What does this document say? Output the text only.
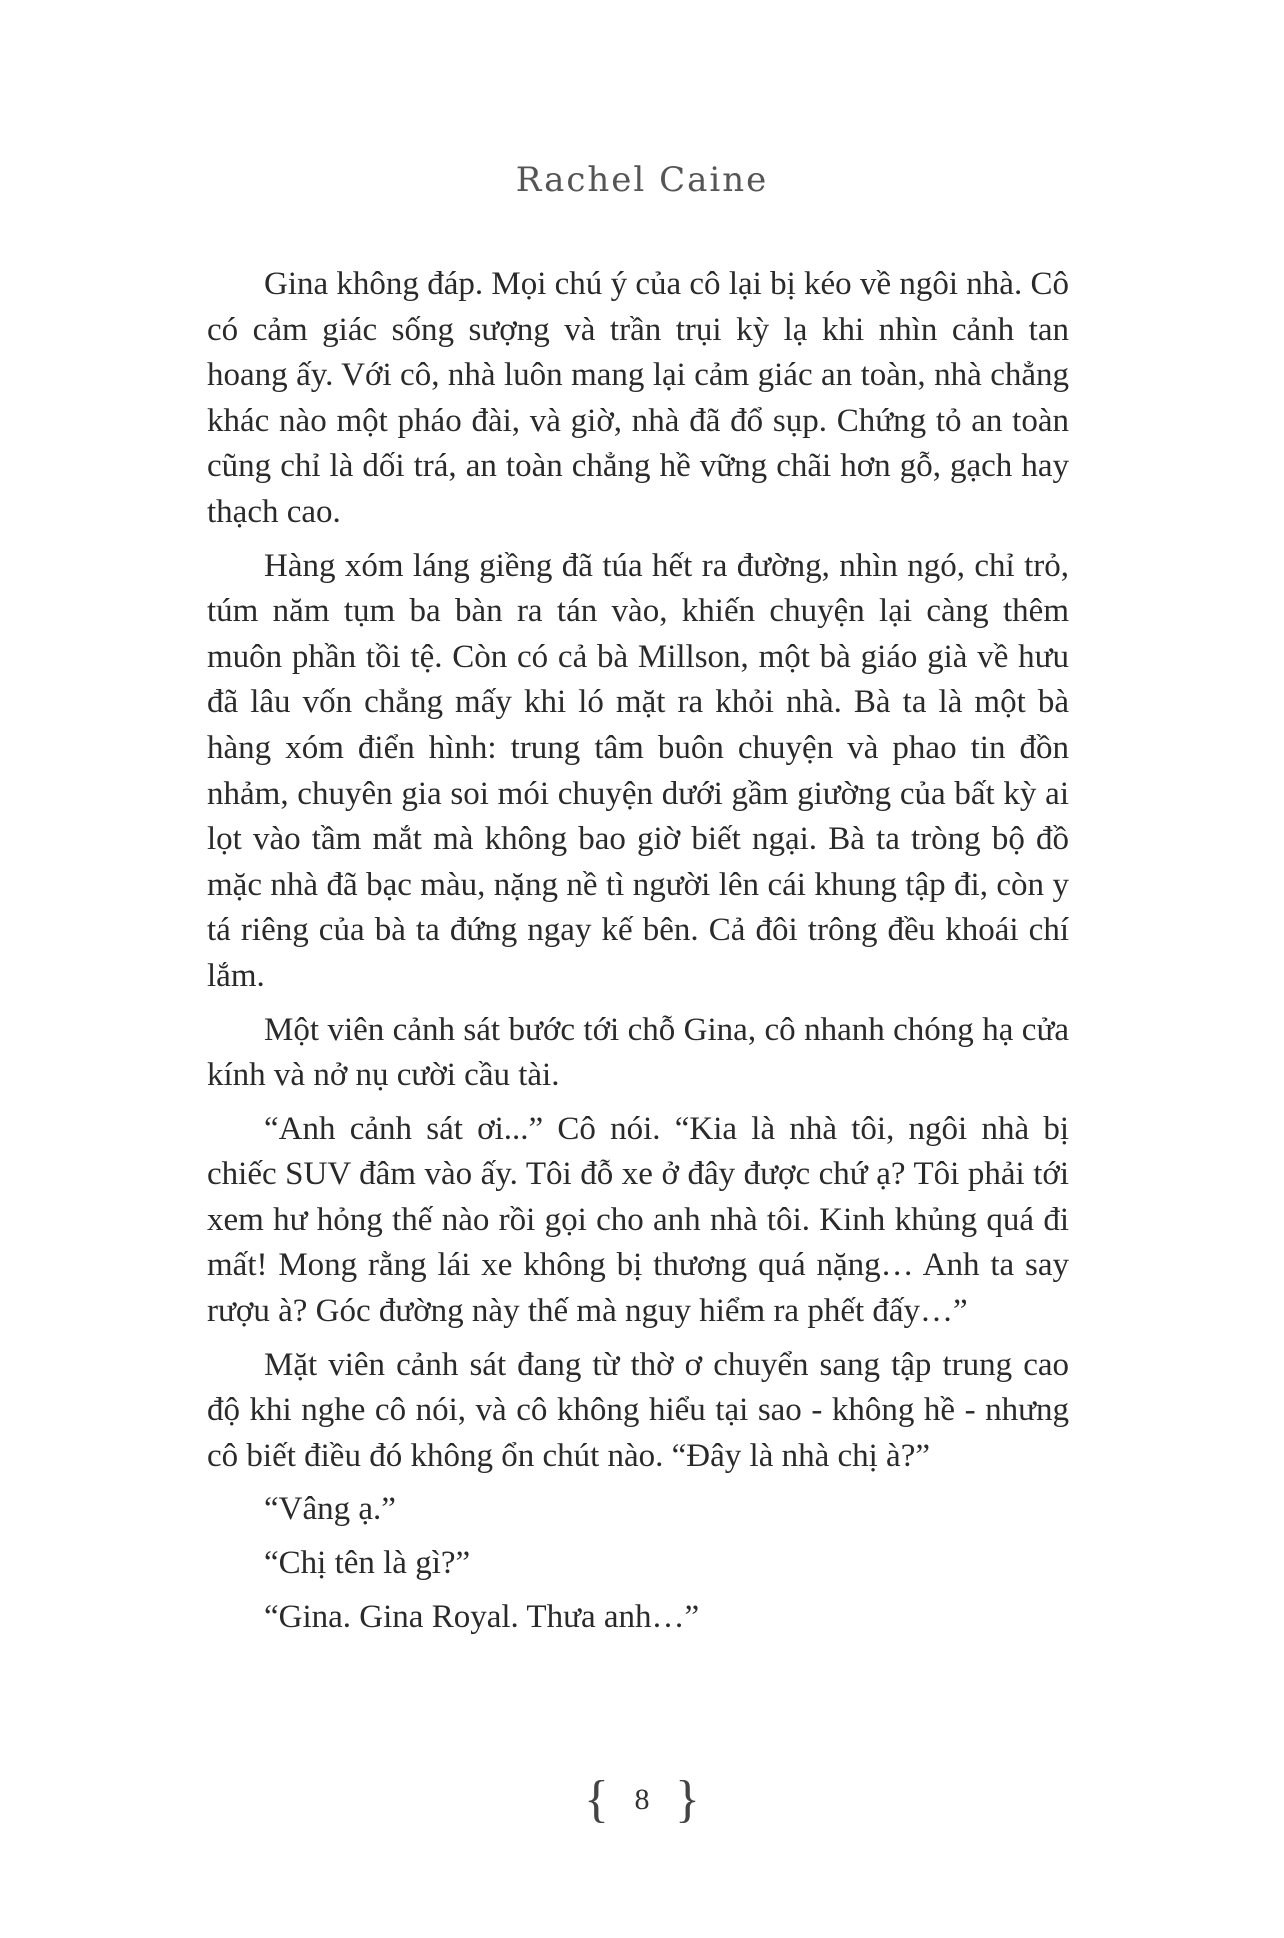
Rachel Caine

Gina không đáp. Mọi chú ý của cô lại bị kéo về ngôi nhà. Cô có cảm giác sống sượng và trần trụi kỳ lạ khi nhìn cảnh tan hoang ấy. Với cô, nhà luôn mang lại cảm giác an toàn, nhà chẳng khác nào một pháo đài, và giờ, nhà đã đổ sụp. Chứng tỏ an toàn cũng chỉ là dối trá, an toàn chẳng hề vững chãi hơn gỗ, gạch hay thạch cao.

Hàng xóm láng giềng đã túa hết ra đường, nhìn ngó, chỉ trỏ, túm năm tụm ba bàn ra tán vào, khiến chuyện lại càng thêm muôn phần tồi tệ. Còn có cả bà Millson, một bà giáo già về hưu đã lâu vốn chẳng mấy khi ló mặt ra khỏi nhà. Bà ta là một bà hàng xóm điển hình: trung tâm buôn chuyện và phao tin đồn nhảm, chuyên gia soi mói chuyện dưới gầm giường của bất kỳ ai lọt vào tầm mắt mà không bao giờ biết ngại. Bà ta tròng bộ đồ mặc nhà đã bạc màu, nặng nề tì người lên cái khung tập đi, còn y tá riêng của bà ta đứng ngay kế bên. Cả đôi trông đều khoái chí lắm.

Một viên cảnh sát bước tới chỗ Gina, cô nhanh chóng hạ cửa kính và nở nụ cười cầu tài.

“Anh cảnh sát ơi...” Cô nói. “Kia là nhà tôi, ngôi nhà bị chiếc SUV đâm vào ấy. Tôi đỗ xe ở đây được chứ ạ? Tôi phải tới xem hư hỏng thế nào rồi gọi cho anh nhà tôi. Kinh khủng quá đi mất! Mong rằng lái xe không bị thương quá nặng… Anh ta say rượu à? Góc đường này thế mà nguy hiểm ra phết đấy…”

Mặt viên cảnh sát đang từ thờ ơ chuyển sang tập trung cao độ khi nghe cô nói, và cô không hiểu tại sao - không hề - nhưng cô biết điều đó không ổn chút nào. “Đây là nhà chị à?”

“Vâng ạ.”

“Chị tên là gì?”

“Gina. Gina Royal. Thưa anh…”

{ 8 }
